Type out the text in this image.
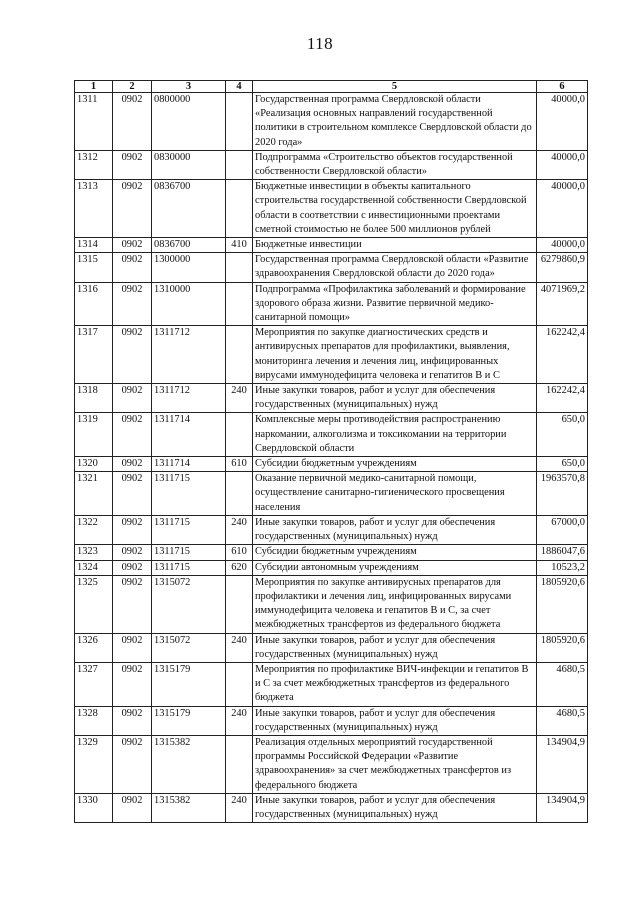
118
1	2	3	4	5	6
1311	0902	0800000		Государственная программа Свердловской области «Реализация основных направлений государственной политики в строительном комплексе Свердловской области до 2020 года»	40000,0
1312	0902	0830000		Подпрограмма «Строительство объектов государственной собственности Свердловской области»	40000,0
1313	0902	0836700		Бюджетные инвестиции в объекты капитального строительства государственной собственности Свердловской области в соответствии с инвестиционными проектами сметной стоимостью не более 500 миллионов рублей	40000,0
1314	0902	0836700	410	Бюджетные инвестиции	40000,0
1315	0902	1300000		Государственная программа Свердловской области «Развитие здравоохранения Свердловской области до 2020 года»	6279860,9
1316	0902	1310000		Подпрограмма «Профилактика заболеваний и формирование здорового образа жизни. Развитие первичной медико-санитарной помощи»	4071969,2
1317	0902	1311712		Мероприятия по закупке диагностических средств и антивирусных препаратов для профилактики, выявления, мониторинга лечения и лечения лиц, инфицированных вирусами иммунодефицита человека и гепатитов В и С	162242,4
1318	0902	1311712	240	Иные закупки товаров, работ и услуг для обеспечения государственных (муниципальных) нужд	162242,4
1319	0902	1311714		Комплексные меры противодействия распространению наркомании, алкоголизма и токсикомании на территории Свердловской области	650,0
1320	0902	1311714	610	Субсидии бюджетным учреждениям	650,0
1321	0902	1311715		Оказание первичной медико-санитарной помощи, осуществление санитарно-гигиенического просвещения населения	1963570,8
1322	0902	1311715	240	Иные закупки товаров, работ и услуг для обеспечения государственных (муниципальных) нужд	67000,0
1323	0902	1311715	610	Субсидии бюджетным учреждениям	1886047,6
1324	0902	1311715	620	Субсидии автономным учреждениям	10523,2
1325	0902	1315072		Мероприятия по закупке антивирусных препаратов для профилактики и лечения лиц, инфицированных вирусами иммунодефицита человека и гепатитов В и С, за счет межбюджетных трансфертов из федерального бюджета	1805920,6
1326	0902	1315072	240	Иные закупки товаров, работ и услуг для обеспечения государственных (муниципальных) нужд	1805920,6
1327	0902	1315179		Мероприятия по профилактике ВИЧ-инфекции и гепатитов В и С за счет межбюджетных трансфертов из федерального бюджета	4680,5
1328	0902	1315179	240	Иные закупки товаров, работ и услуг для обеспечения государственных (муниципальных) нужд	4680,5
1329	0902	1315382		Реализация отдельных мероприятий государственной программы Российской Федерации «Развитие здравоохранения» за счет межбюджетных трансфертов из федерального бюджета	134904,9
1330	0902	1315382	240	Иные закупки товаров, работ и услуг для обеспечения государственных (муниципальных) нужд	134904,9
